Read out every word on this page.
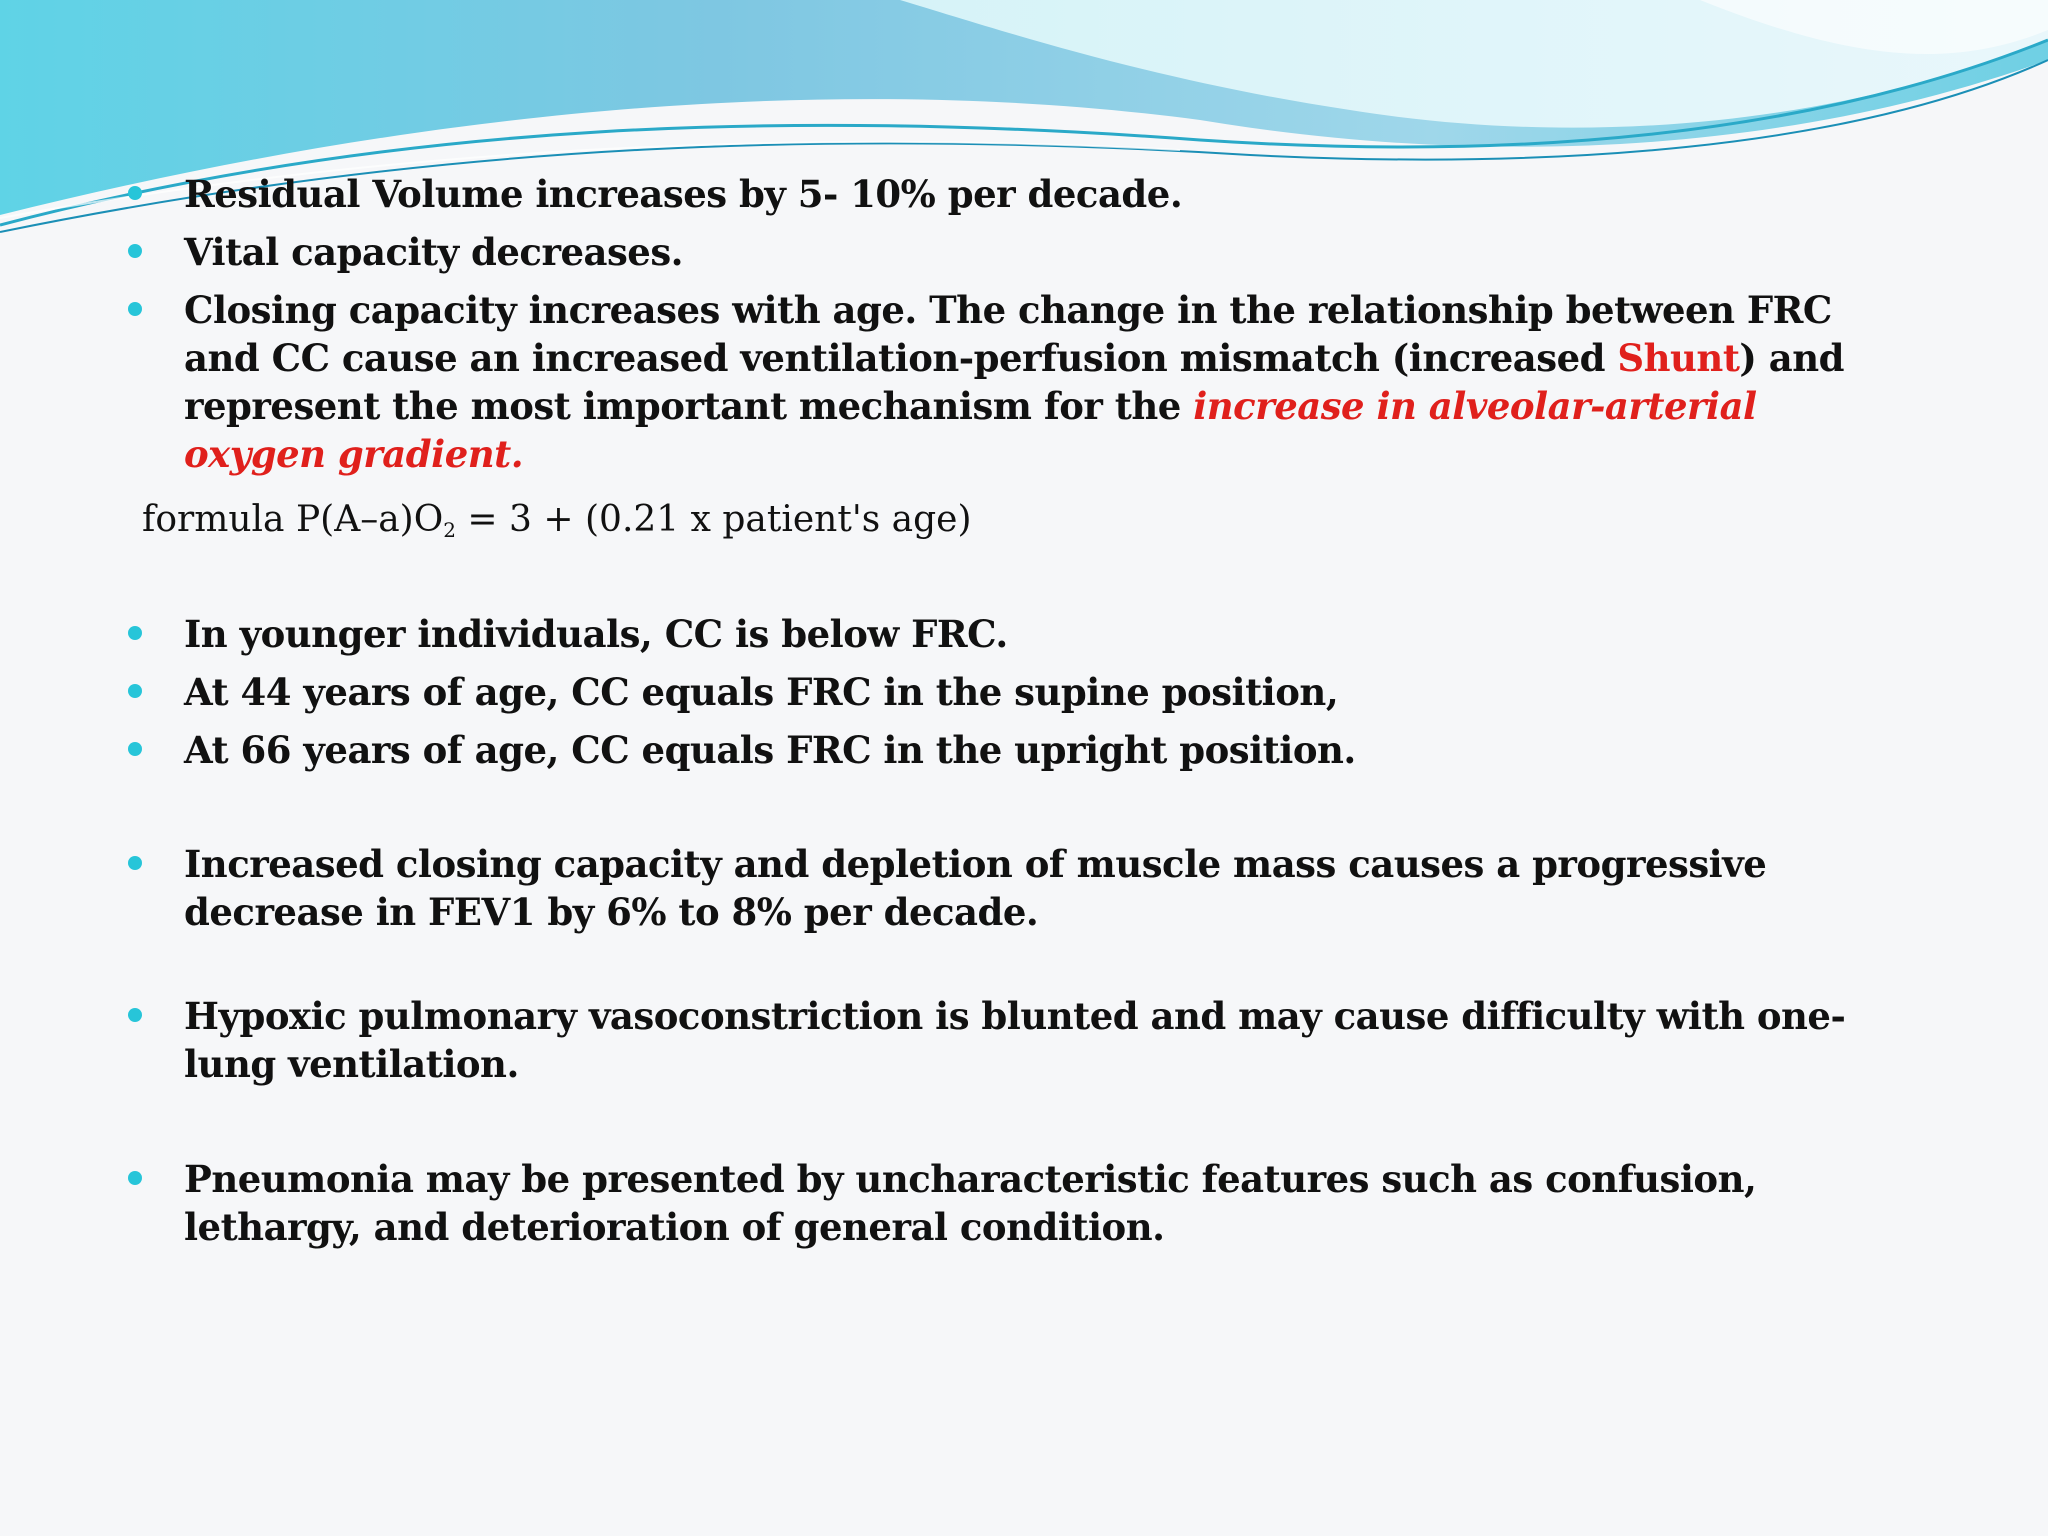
Residual Volume increases by 5- 10% per decade.
Vital capacity decreases.
Closing capacity increases with age. The change in the relationship between FRC and CC cause an increased ventilation-perfusion mismatch (increased Shunt) and represent the most important mechanism for the increase in alveolar-arterial oxygen gradient.
formula $P(A-a)O_2 = 3 + (0.21$ x patient's age)
In younger individuals, CC is below FRC.
At 44 years of age, CC equals FRC in the supine position,
At 66 years of age, CC equals FRC in the upright position.
Increased closing capacity and depletion of muscle mass causes a progressive decrease in FEV1 by 6% to 8% per decade.
Hypoxic pulmonary vasoconstriction is blunted and may cause difficulty with one-lung ventilation.
Pneumonia may be presented by uncharacteristic features such as confusion, lethargy, and deterioration of general condition.
